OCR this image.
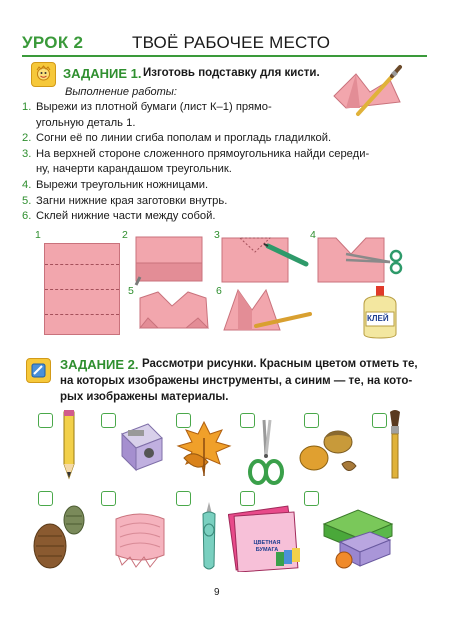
УРОК 2	ТВОЁ РАБОЧЕЕ МЕСТО
ЗАДАНИЕ 1. Изготовь подставку для кисти.
Выполнение работы:
1. Вырежи из плотной бумаги (лист К–1) прямо-
угольную деталь 1.
2. Согни её по линии сгиба пополам и прогладь гладилкой.
3. На верхней стороне сложенного прямоугольника найди середи-
ну, начерти карандашом треугольник.
4. Вырежи треугольник ножницами.
5. Загни нижние края заготовки внутрь.
6. Склей нижние части между собой.
1	2	3	4
5	6
КЛЕЙ
ЗАДАНИЕ 2. Рассмотри рисунки. Красным цветом отметь те,
на которых изображены инструменты, а синим — те, на кото-
рых изображены материалы.
ЦВЕТНАЯ БУМАГА
9
